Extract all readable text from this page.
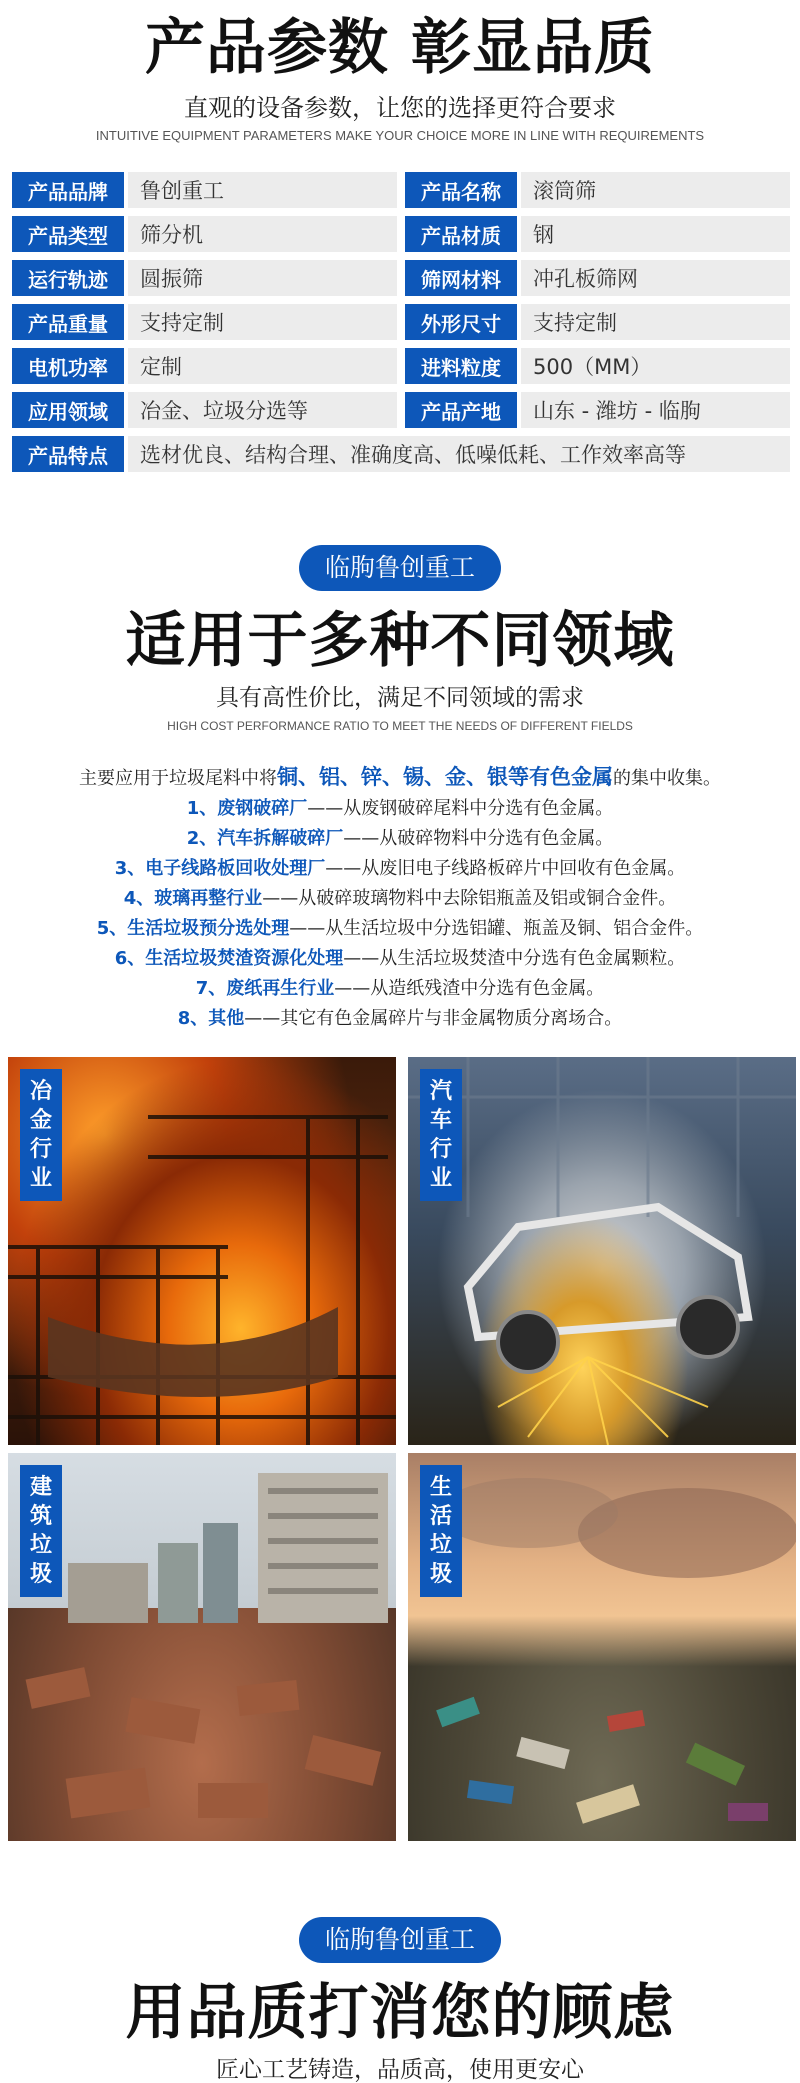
产品参数 彰显品质
直观的设备参数，让您的选择更符合要求
INTUITIVE EQUIPMENT PARAMETERS MAKE YOUR CHOICE MORE IN LINE WITH REQUIREMENTS
产品品牌	鲁创重工	产品名称	滚筒筛
产品类型	筛分机	产品材质	钢
运行轨迹	圆振筛	筛网材料	冲孔板筛网
产品重量	支持定制	外形尺寸	支持定制
电机功率	定制	进料粒度	500（MM）
应用领域	冶金、垃圾分选等	产品产地	山东 - 潍坊 - 临朐
产品特点	选材优良、结构合理、准确度高、低噪低耗、工作效率高等
临朐鲁创重工
适用于多种不同领域
具有高性价比，满足不同领域的需求
HIGH COST PERFORMANCE RATIO TO MEET THE NEEDS OF DIFFERENT FIELDS
主要应用于垃圾尾料中将铜、铝、锌、锡、金、银等有色金属的集中收集。
1、废钢破碎厂——从废钢破碎尾料中分选有色金属。
2、汽车拆解破碎厂——从破碎物料中分选有色金属。
3、电子线路板回收处理厂——从废旧电子线路板碎片中回收有色金属。
4、玻璃再整行业——从破碎玻璃物料中去除铝瓶盖及铝或铜合金件。
5、生活垃圾预分选处理——从生活垃圾中分选铝罐、瓶盖及铜、铝合金件。
6、生活垃圾焚渣资源化处理——从生活垃圾焚渣中分选有色金属颗粒。
7、废纸再生行业——从造纸残渣中分选有色金属。
8、其他——其它有色金属碎片与非金属物质分离场合。
冶
金
行
业
汽
车
行
业
建
筑
垃
圾
生
活
垃
圾
临朐鲁创重工
用品质打消您的顾虑
匠心工艺铸造，品质高，使用更安心
